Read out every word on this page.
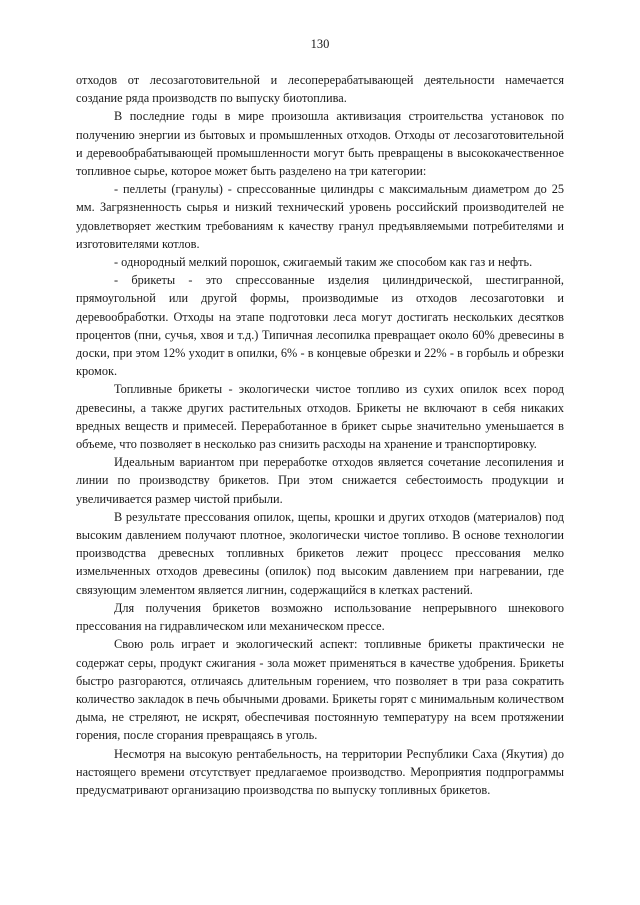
130

отходов от лесозаготовительной и лесоперерабатывающей деятельности намечается создание ряда производств по выпуску биотоплива.

В последние годы в мире произошла активизация строительства установок по получению энергии из бытовых и промышленных отходов. Отходы от лесозаготовительной и деревообрабатывающей промышленности могут быть превращены в высококачественное топливное сырье, которое может быть разделено на три категории:

- пеллеты (гранулы) - спрессованные цилиндры с максимальным диаметром до 25 мм. Загрязненность сырья и низкий технический уровень российский производителей не удовлетворяет жестким требованиям к качеству гранул предъявляемыми потребителями и изготовителями котлов.

- однородный мелкий порошок, сжигаемый таким же способом как газ и нефть.

- брикеты - это спрессованные изделия цилиндрической, шестигранной, прямоугольной или другой формы, производимые из отходов лесозаготовки и деревообработки. Отходы на этапе подготовки леса могут достигать нескольких десятков процентов (пни, сучья, хвоя и т.д.) Типичная лесопилка превращает около 60% древесины в доски, при этом 12% уходит в опилки, 6% - в концевые обрезки и 22% - в горбыль и обрезки кромок.

Топливные брикеты - экологически чистое топливо из сухих опилок всех пород древесины, а также других растительных отходов. Брикеты не включают в себя никаких вредных веществ и примесей. Переработанное в брикет сырье значительно уменьшается в объеме, что позволяет в несколько раз снизить расходы на хранение и транспортировку.

Идеальным вариантом при переработке отходов является сочетание лесопиления и линии по производству брикетов. При этом снижается себестоимость продукции и увеличивается размер чистой прибыли.

В результате прессования опилок, щепы, крошки и других отходов (материалов) под высоким давлением получают плотное, экологически чистое топливо. В основе технологии производства древесных топливных брикетов лежит процесс прессования мелко измельченных отходов древесины (опилок) под высоким давлением при нагревании, где связующим элементом является лигнин, содержащийся в клетках растений.

Для получения брикетов возможно использование непрерывного шнекового прессования на гидравлическом или механическом прессе.

Свою роль играет и экологический аспект: топливные брикеты практически не содержат серы, продукт сжигания - зола может применяться в качестве удобрения. Брикеты быстро разгораются, отличаясь длительным горением, что позволяет в три раза сократить количество закладок в печь обычными дровами. Брикеты горят с минимальным количеством дыма, не стреляют, не искрят, обеспечивая постоянную температуру на всем протяжении горения, после сгорания превращаясь в уголь.

Несмотря на высокую рентабельность, на территории Республики Саха (Якутия) до настоящего времени отсутствует предлагаемое производство. Мероприятия подпрограммы предусматривают организацию производства по выпуску топливных брикетов.
